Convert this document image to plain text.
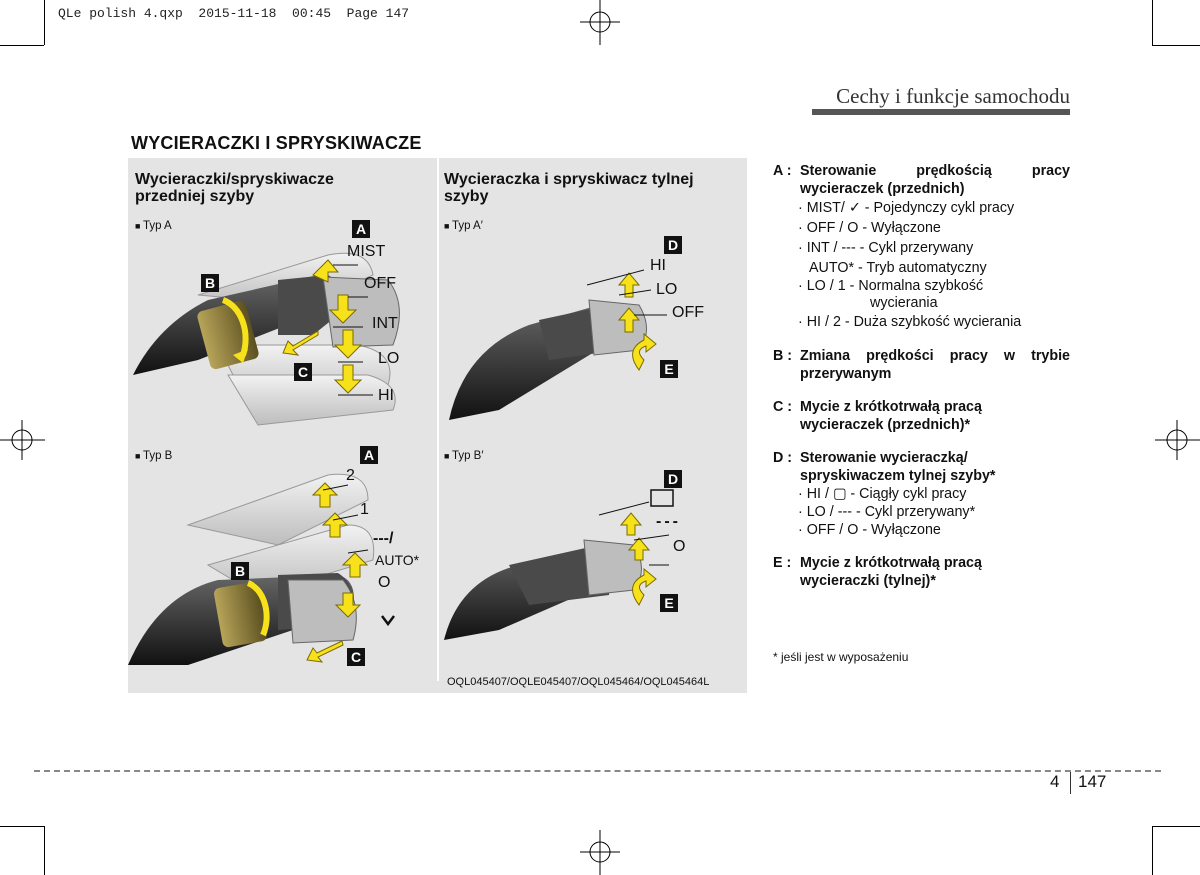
QLe polish 4.qxp  2015-11-18  00:45  Page 147
Cechy i funkcje samochodu
WYCIERACZKI I SPRYSKIWACZE
Wycieraczki/spryskiwacze przedniej szyby
Wycieraczka i spryskiwacz tylnej szyby
■ Typ A	■ Typ A′
■ Typ B	■ Typ B′
A
B
C
MIST
OFF
INT
LO
HI
A
B
C
2
1
---/
AUTO*
O
D
E
HI
LO
OFF
D
E
---
O
OQL045407/OQLE045407/OQL045464/OQL045464L
A : Sterowanie prędkością pracy
wycieraczek (przednich)
· MIST/ ✓ - Pojedynczy cykl pracy
· OFF / O - Wyłączone
· INT / --- - Cykl przerywany
AUTO* - Tryb automatyczny
· LO / 1 - Normalna szybkość
wycierania
· HI / 2 - Duża szybkość wycierania
B : Zmiana prędkości pracy w trybie
przerywanym
C : Mycie z krótkotrwałą pracą
wycieraczek (przednich)*
D : Sterowanie wycieraczką/
spryskiwaczem tylnej szyby*
· HI / ▢ - Ciągły cykl pracy
· LO / --- - Cykl przerywany*
· OFF / O - Wyłączone
E : Mycie z krótkotrwałą pracą
wycieraczki (tylnej)*
* jeśli jest w wyposażeniu
4 147
